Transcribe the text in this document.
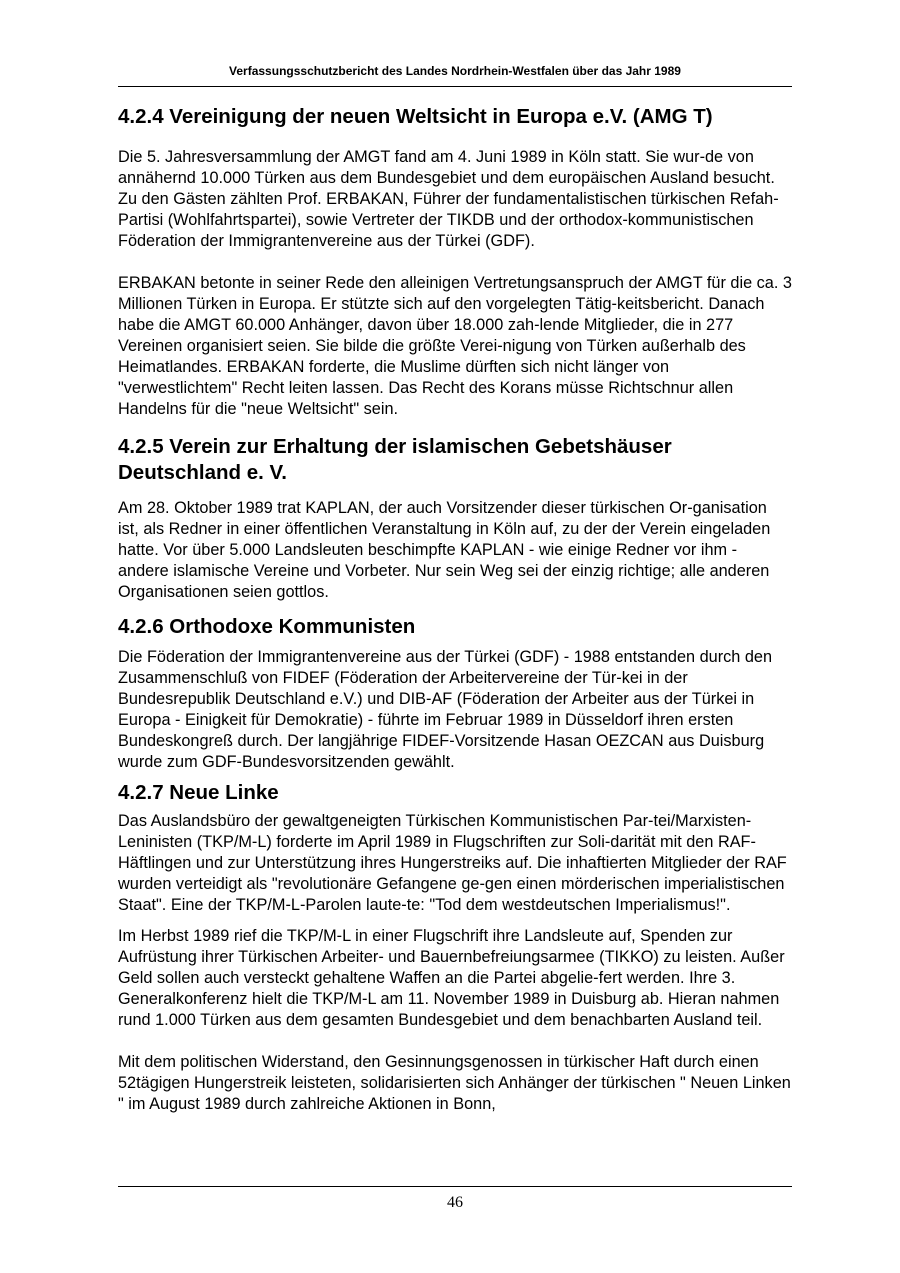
Verfassungsschutzbericht des Landes Nordrhein-Westfalen über das Jahr 1989
4.2.4 Vereinigung der neuen Weltsicht in Europa e.V. (AMG T)

Die 5. Jahresversammlung der AMGT fand am 4. Juni 1989 in Köln statt. Sie wur-de von annähernd 10.000 Türken aus dem Bundesgebiet und dem europäischen Ausland besucht. Zu den Gästen zählten Prof. ERBAKAN, Führer der fundamentalistischen türkischen Refah-Partisi (Wohlfahrtspartei), sowie Vertreter der TIKDB und der orthodox-kommunistischen Föderation der Immigrantenvereine aus der Türkei (GDF).

ERBAKAN betonte in seiner Rede den alleinigen Vertretungsanspruch der AMGT für die ca. 3 Millionen Türken in Europa. Er stützte sich auf den vorgelegten Tätig-keitsbericht. Danach habe die AMGT 60.000 Anhänger, davon über 18.000 zah-lende Mitglieder, die in 277 Vereinen organisiert seien. Sie bilde die größte Verei-nigung von Türken außerhalb des Heimatlandes. ERBAKAN forderte, die Muslime dürften sich nicht länger von "verwestlichtem" Recht leiten lassen. Das Recht des Korans müsse Richtschnur allen Handelns für die "neue Weltsicht" sein.

4.2.5 Verein zur Erhaltung der islamischen Gebetshäuser Deutschland e. V.

Am 28. Oktober 1989 trat KAPLAN, der auch Vorsitzender dieser türkischen Or-ganisation ist, als Redner in einer öffentlichen Veranstaltung in Köln auf, zu der der Verein eingeladen hatte. Vor über 5.000 Landsleuten beschimpfte KAPLAN - wie einige Redner vor ihm - andere islamische Vereine und Vorbeter. Nur sein Weg sei der einzig richtige; alle anderen Organisationen seien gottlos.

4.2.6 Orthodoxe Kommunisten

Die Föderation der Immigrantenvereine aus der Türkei (GDF) - 1988 entstanden durch den Zusammenschluß von FIDEF (Föderation der Arbeitervereine der Tür-kei in der Bundesrepublik Deutschland e.V.) und DIB-AF (Föderation der Arbeiter aus der Türkei in Europa - Einigkeit für Demokratie) - führte im Februar 1989 in Düsseldorf ihren ersten Bundeskongreß durch. Der langjährige FIDEF-Vorsitzende Hasan OEZCAN aus Duisburg wurde zum GDF-Bundesvorsitzenden gewählt.

4.2.7 Neue Linke

Das Auslandsbüro der gewaltgeneigten Türkischen Kommunistischen Par-tei/Marxisten-Leninisten (TKP/M-L) forderte im April 1989 in Flugschriften zur Soli-darität mit den RAF-Häftlingen und zur Unterstützung ihres Hungerstreiks auf. Die inhaftierten Mitglieder der RAF wurden verteidigt als "revolutionäre Gefangene ge-gen einen mörderischen imperialistischen Staat". Eine der TKP/M-L-Parolen laute-te: "Tod dem westdeutschen Imperialismus!".

Im Herbst 1989 rief die TKP/M-L in einer Flugschrift ihre Landsleute auf, Spenden zur Aufrüstung ihrer Türkischen Arbeiter- und Bauernbefreiungsarmee (TIKKO) zu leisten. Außer Geld sollen auch versteckt gehaltene Waffen an die Partei abgelie-fert werden. Ihre 3. Generalkonferenz hielt die TKP/M-L am 11. November 1989 in Duisburg ab. Hieran nahmen rund 1.000 Türken aus dem gesamten Bundesgebiet und dem benachbarten Ausland teil.

Mit dem politischen Widerstand, den Gesinnungsgenossen in türkischer Haft durch einen 52tägigen Hungerstreik leisteten, solidarisierten sich Anhänger der türkischen " Neuen Linken " im August 1989 durch zahlreiche Aktionen in Bonn,

46
